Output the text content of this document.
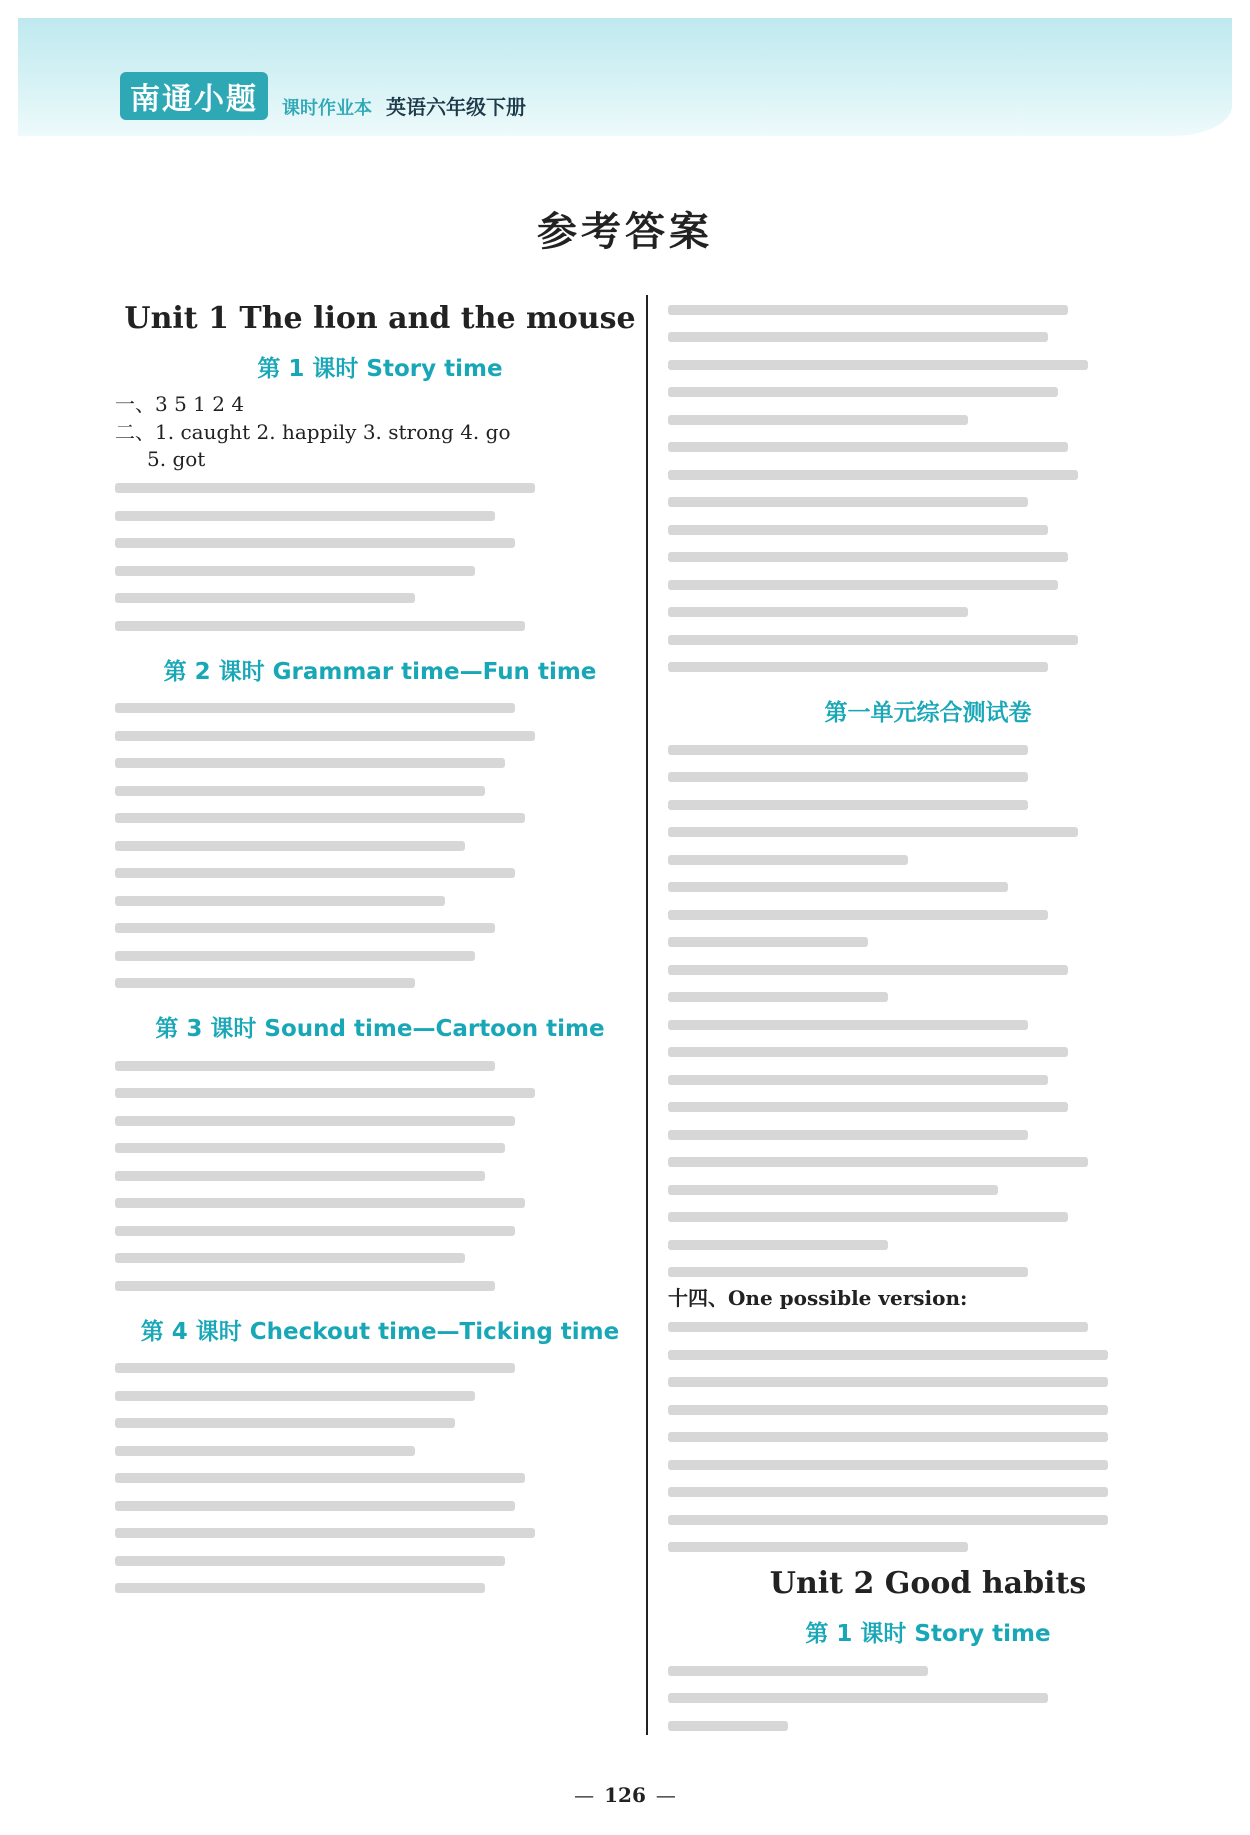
南通小题	课时作业本 英语六年级下册
参考答案
Unit 1 The lion and the mouse
第 1 课时 Story time
一、3 5 1 2 4
二、1. caught 2. happily 3. strong 4. go
5. got
第 2 课时 Grammar time—Fun time
第 3 课时 Sound time—Cartoon time
第 4 课时 Checkout time—Ticking time
第一单元综合测试卷
十四、One possible version:
Unit 2 Good habits
第 1 课时 Story time
— 126 —
